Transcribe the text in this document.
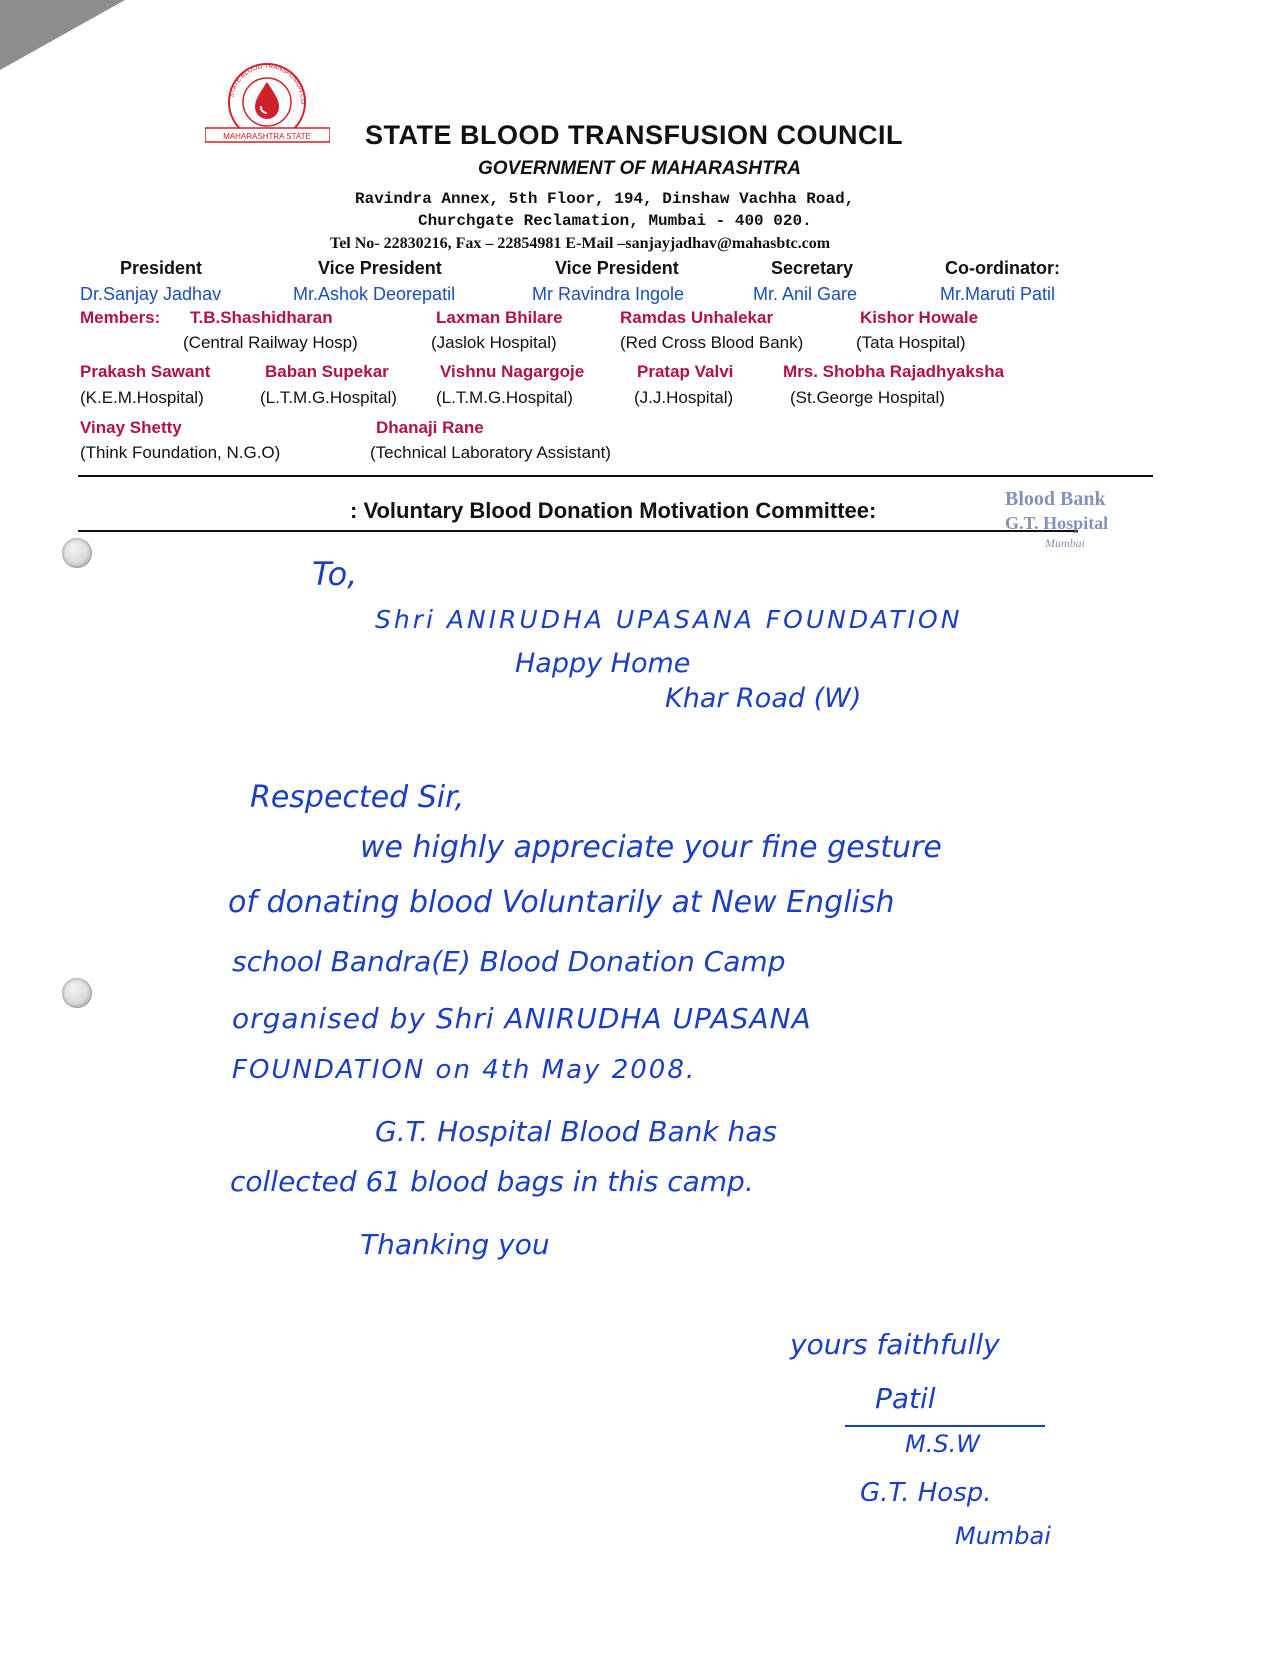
MAHARASHTRA STATE
STATE BLOOD TRANSFUSION CO
STATE BLOOD TRANSFUSION COUNCIL
GOVERNMENT OF MAHARASHTRA
Ravindra Annex, 5th Floor, 194, Dinshaw Vachha Road,
Churchgate Reclamation, Mumbai - 400 020.
Tel No- 22830216, Fax – 22854981 E-Mail –sanjayjadhav@mahasbtc.com
President
Dr.Sanjay Jadhav
Vice President
Mr.Ashok Deorepatil
Vice President
Mr Ravindra Ingole
Secretary
Mr. Anil Gare
Co-ordinator:
Mr.Maruti Patil
Members: T.B.Shashidharan
(Central Railway Hosp)
Laxman Bhilare
(Jaslok Hospital)
Ramdas Unhalekar
(Red Cross Blood Bank)
Kishor Howale
(Tata Hospital)
Prakash Sawant
(K.E.M.Hospital)
Baban Supekar
(L.T.M.G.Hospital)
Vishnu Nagargoje
(L.T.M.G.Hospital)
Pratap Valvi
(J.J.Hospital)
Mrs. Shobha Rajadhyaksha
(St.George Hospital)
Vinay Shetty
(Think Foundation, N.G.O)
Dhanaji Rane
(Technical Laboratory Assistant)
: Voluntary Blood Donation Motivation Committee:	Blood Bank
G.T. Hospital
Mumbai
To,
Shri ANIRUDHA UPASANA FOUNDATION
Happy Home
Khar Road (W)
Respected Sir,
we highly appreciate your fine gesture
of donating blood Voluntarily at New English
school Bandra(E) Blood Donation Camp
organised by Shri ANIRUDHA UPASANA
FOUNDATION on 4th May 2008.
G.T. Hospital Blood Bank has
collected 61 blood bags in this camp.
Thanking you
yours faithfully
Patil
M.S.W
G.T. Hosp.
Mumbai
